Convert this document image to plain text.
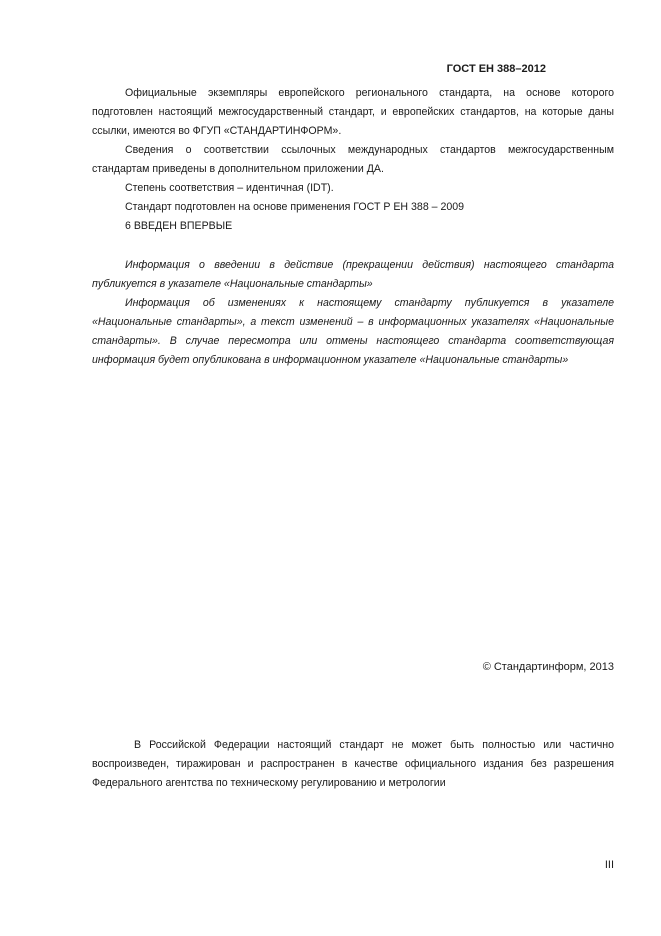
ГОСТ ЕН 388–2012

Официальные экземпляры европейского регионального стандарта, на основе которого подготовлен настоящий межгосударственный стандарт, и европейских стандартов, на которые даны ссылки, имеются во ФГУП «СТАНДАРТИНФОРМ».

Сведения о соответствии ссылочных международных стандартов межгосударственным стандартам приведены в дополнительном приложении ДА.

Степень соответствия – идентичная (IDT).

Стандарт подготовлен на основе применения ГОСТ Р ЕН 388 – 2009

6 ВВЕДЕН ВПЕРВЫЕ

Информация о введении в действие (прекращении действия) настоящего стандарта публикуется в указателе «Национальные стандарты»

Информация об изменениях к настоящему стандарту публикуется в указателе «Национальные стандарты», а текст изменений – в информационных указателях «Национальные стандарты». В случае пересмотра или отмены настоящего стандарта соответствующая информация будет опубликована в информационном указателе «Национальные стандарты»

© Стандартинформ, 2013

В Российской Федерации настоящий стандарт не может быть полностью или частично воспроизведен, тиражирован и распространен в качестве официального издания без разрешения Федерального агентства по техническому регулированию и метрологии

III
